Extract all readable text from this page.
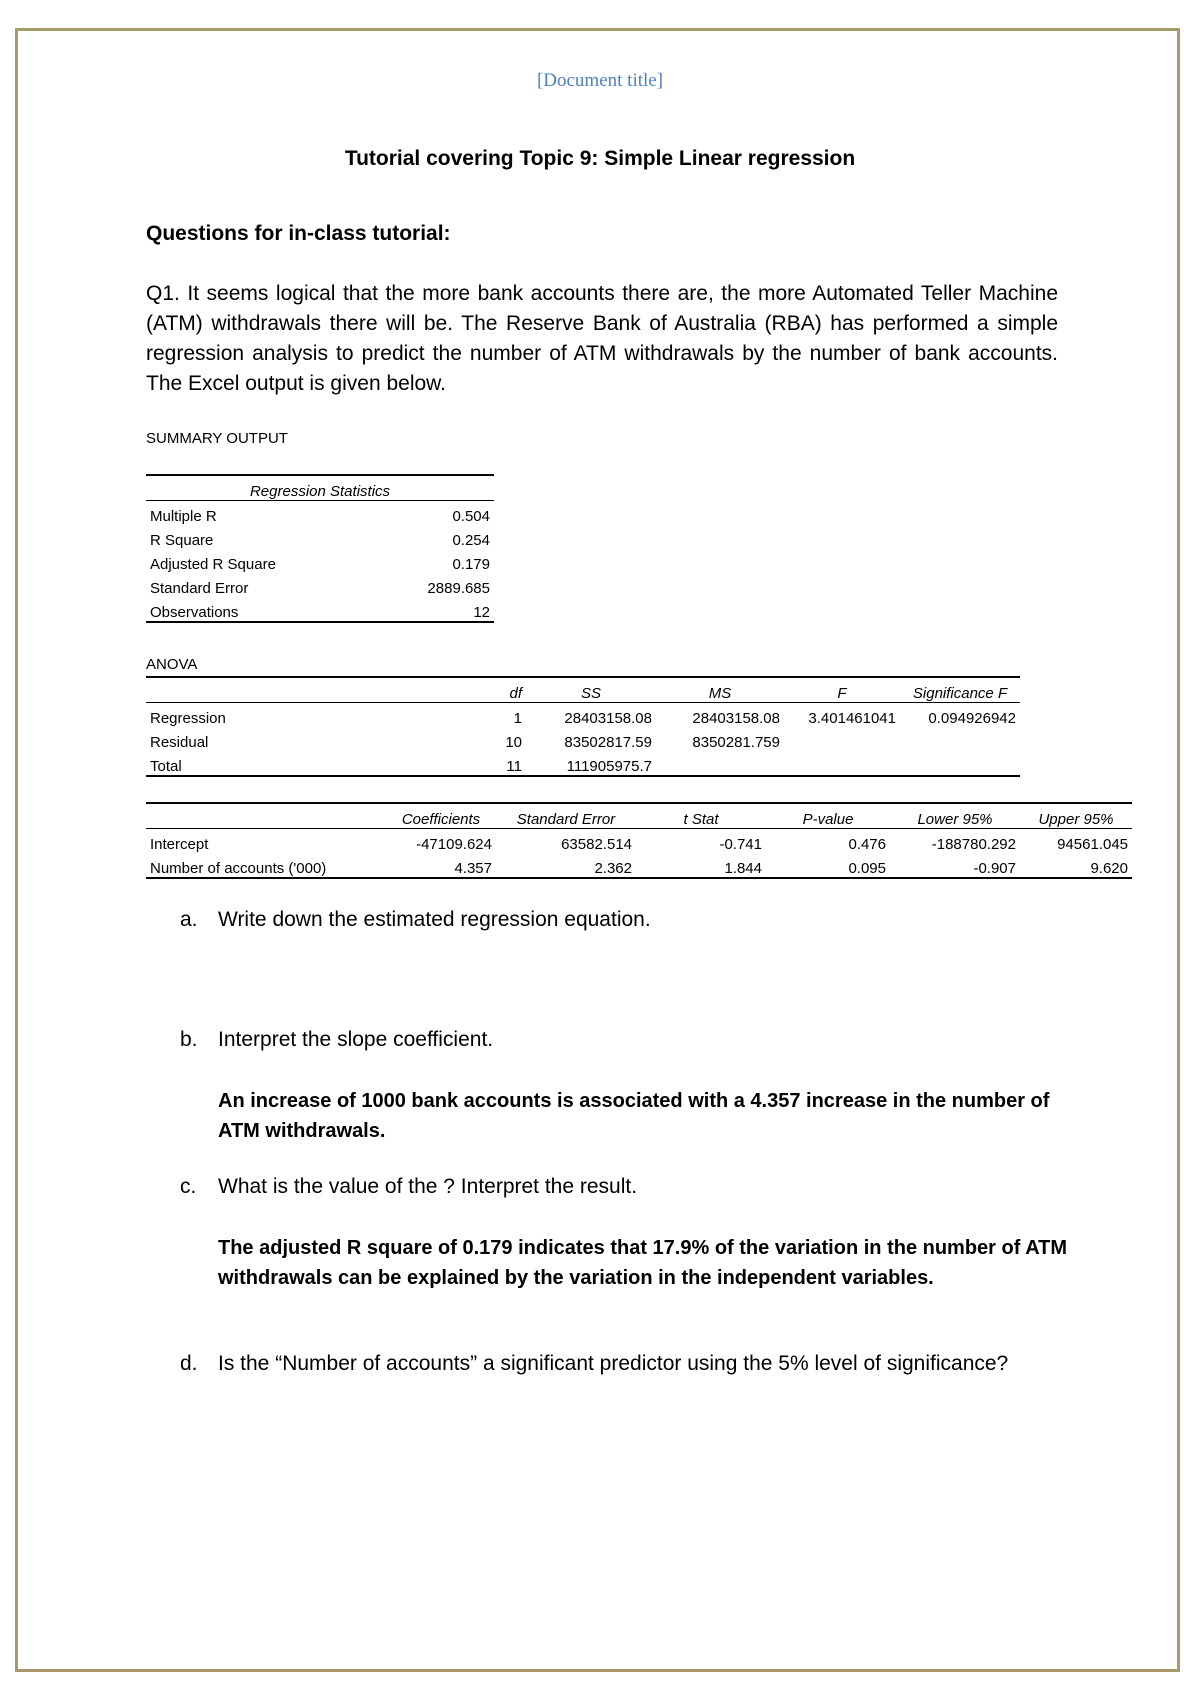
[Document title]
Tutorial covering Topic 9: Simple Linear regression
Questions for in-class tutorial:
Q1. It seems logical that the more bank accounts there are, the more Automated Teller Machine (ATM) withdrawals there will be. The Reserve Bank of Australia (RBA) has performed a simple regression analysis to predict the number of ATM withdrawals by the number of bank accounts. The Excel output is given below.
SUMMARY OUTPUT
Regression Statistics	
Multiple R	0.504
R Square	0.254
Adjusted R Square	0.179
Standard Error	2889.685
Observations	12
ANOVA
	df	SS	MS	F	Significance F
Regression	1	28403158.08	28403158.08	3.401461041	0.094926942
Residual	10	83502817.59	8350281.759		
Total	11	111905975.7			
	Coefficients	Standard Error	t Stat	P-value	Lower 95%	Upper 95%
Intercept	-47109.624	63582.514	-0.741	0.476	-188780.292	94561.045
Number of accounts ('000)	4.357	2.362	1.844	0.095	-0.907	9.620
a. Write down the estimated regression equation.
b. Interpret the slope coefficient.
c. What is the value of the ? Interpret the result.
d. Is the “Number of accounts” a significant predictor using the 5% level of significance?
An increase of 1000 bank accounts is associated with a 4.357 increase in the number of ATM withdrawals.
The adjusted R square of 0.179 indicates that 17.9% of the variation in the number of ATM withdrawals can be explained by the variation in the independent variables.
